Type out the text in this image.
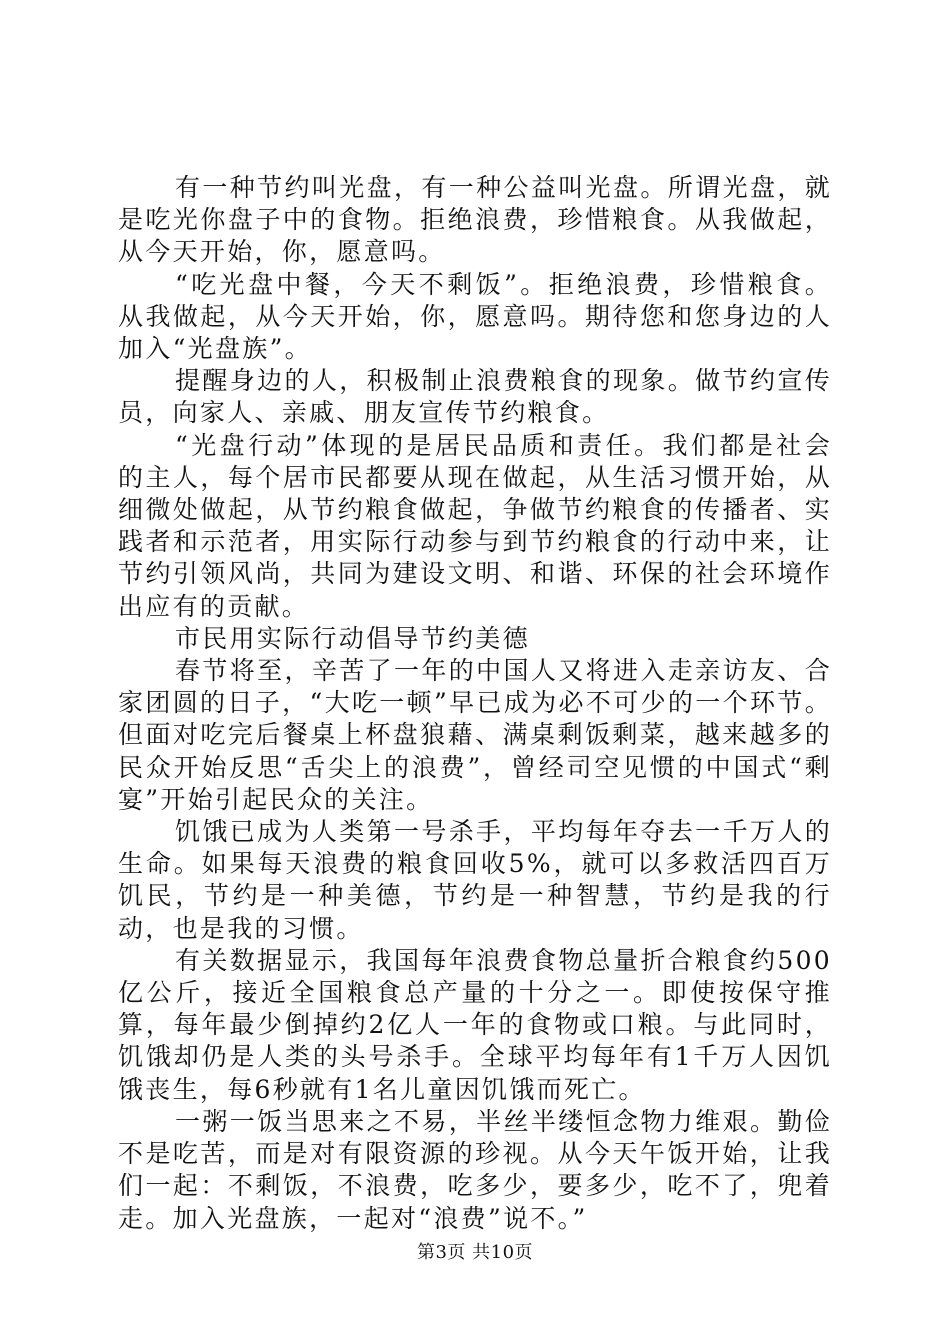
有一种节约叫光盘，有一种公益叫光盘。所谓光盘，就是吃光你盘子中的食物。拒绝浪费，珍惜粮食。从我做起，从今天开始，你，愿意吗。

“吃光盘中餐，今天不剩饭”。拒绝浪费，珍惜粮食。从我做起，从今天开始，你，愿意吗。期待您和您身边的人加入“光盘族”。

提醒身边的人，积极制止浪费粮食的现象。做节约宣传员，向家人、亲戚、朋友宣传节约粮食。

“光盘行动”体现的是居民品质和责任。我们都是社会的主人，每个居市民都要从现在做起，从生活习惯开始，从细微处做起，从节约粮食做起，争做节约粮食的传播者、实践者和示范者，用实际行动参与到节约粮食的行动中来，让节约引领风尚，共同为建设文明、和谐、环保的社会环境作出应有的贡献。

市民用实际行动倡导节约美德

春节将至，辛苦了一年的中国人又将进入走亲访友、合家团圆的日子，“大吃一顿”早已成为必不可少的一个环节。但面对吃完后餐桌上杯盘狼藉、满桌剩饭剩菜，越来越多的民众开始反思“舌尖上的浪费”，曾经司空见惯的中国式“剩宴”开始引起民众的关注。

饥饿已成为人类第一号杀手，平均每年夺去一千万人的生命。如果每天浪费的粮食回收5%，就可以多救活四百万饥民，节约是一种美德，节约是一种智慧，节约是我的行动，也是我的习惯。

有关数据显示，我国每年浪费食物总量折合粮食约500亿公斤，接近全国粮食总产量的十分之一。即使按保守推算，每年最少倒掉约2亿人一年的食物或口粮。与此同时，饥饿却仍是人类的头号杀手。全球平均每年有1千万人因饥饿丧生，每6秒就有1名儿童因饥饿而死亡。

一粥一饭当思来之不易，半丝半缕恒念物力维艰。勤俭不是吃苦，而是对有限资源的珍视。从今天午饭开始，让我们一起：不剩饭，不浪费，吃多少，要多少，吃不了，兜着走。加入光盘族，一起对“浪费”说不。”

第3页 共10页
